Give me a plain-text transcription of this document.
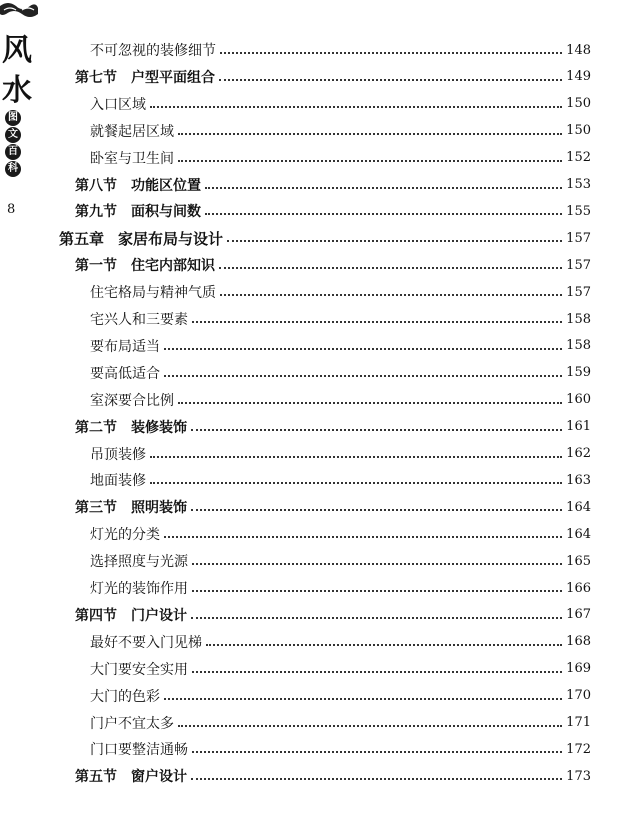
风
水
图
文
百
科
8
不可忽视的装修细节	148
第七节 户型平面组合	149
入口区域	150
就餐起居区域	150
卧室与卫生间	152
第八节 功能区位置	153
第九节 面积与间数	155
第五章 家居布局与设计	157
第一节 住宅内部知识	157
住宅格局与精神气质	157
宅兴人和三要素	158
要布局适当	158
要高低适合	159
室深要合比例	160
第二节 装修装饰	161
吊顶装修	162
地面装修	163
第三节 照明装饰	164
灯光的分类	164
选择照度与光源	165
灯光的装饰作用	166
第四节 门户设计	167
最好不要入门见梯	168
大门要安全实用	169
大门的色彩	170
门户不宜太多	171
门口要整洁通畅	172
第五节 窗户设计	173
